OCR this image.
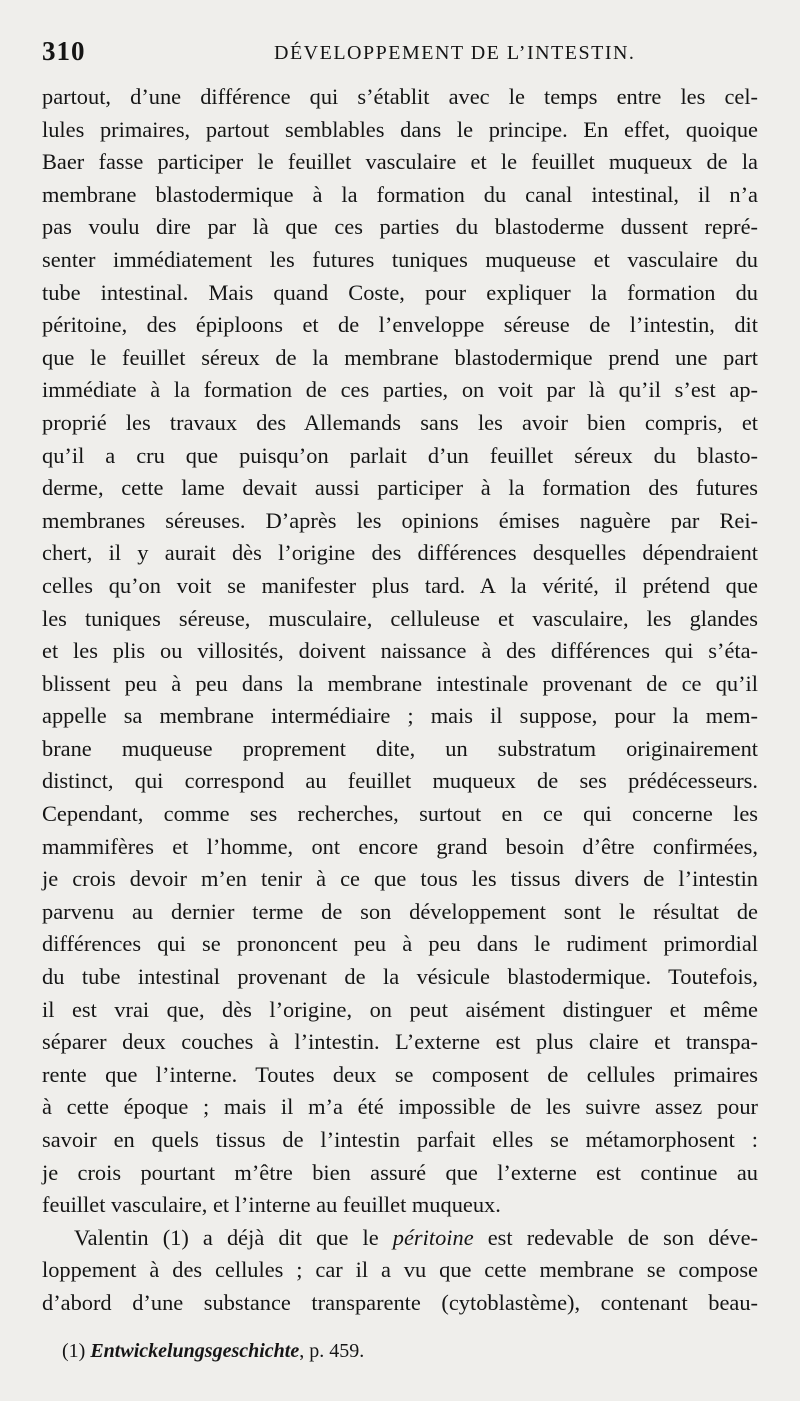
310	DÉVELOPPEMENT DE L’INTESTIN.
partout, d’une différence qui s’établit avec le temps entre les cel-
lules primaires, partout semblables dans le principe. En effet, quoique
Baer fasse participer le feuillet vasculaire et le feuillet muqueux de la
membrane blastodermique à la formation du canal intestinal, il n’a
pas voulu dire par là que ces parties du blastoderme dussent repré-
senter immédiatement les futures tuniques muqueuse et vasculaire du
tube intestinal. Mais quand Coste, pour expliquer la formation du
péritoine, des épiploons et de l’enveloppe séreuse de l’intestin, dit
que le feuillet séreux de la membrane blastodermique prend une part
immédiate à la formation de ces parties, on voit par là qu’il s’est ap-
proprié les travaux des Allemands sans les avoir bien compris, et
qu’il a cru que puisqu’on parlait d’un feuillet séreux du blasto-
derme, cette lame devait aussi participer à la formation des futures
membranes séreuses. D’après les opinions émises naguère par Rei-
chert, il y aurait dès l’origine des différences desquelles dépendraient
celles qu’on voit se manifester plus tard. A la vérité, il prétend que
les tuniques séreuse, musculaire, celluleuse et vasculaire, les glandes
et les plis ou villosités, doivent naissance à des différences qui s’éta-
blissent peu à peu dans la membrane intestinale provenant de ce qu’il
appelle sa membrane intermédiaire ; mais il suppose, pour la mem-
brane muqueuse proprement dite, un substratum originairement
distinct, qui correspond au feuillet muqueux de ses prédécesseurs.
Cependant, comme ses recherches, surtout en ce qui concerne les
mammifères et l’homme, ont encore grand besoin d’être confirmées,
je crois devoir m’en tenir à ce que tous les tissus divers de l’intestin
parvenu au dernier terme de son développement sont le résultat de
différences qui se prononcent peu à peu dans le rudiment primordial
du tube intestinal provenant de la vésicule blastodermique. Toutefois,
il est vrai que, dès l’origine, on peut aisément distinguer et même
séparer deux couches à l’intestin. L’externe est plus claire et transpa-
rente que l’interne. Toutes deux se composent de cellules primaires
à cette époque ; mais il m’a été impossible de les suivre assez pour
savoir en quels tissus de l’intestin parfait elles se métamorphosent :
je crois pourtant m’être bien assuré que l’externe est continue au
feuillet vasculaire, et l’interne au feuillet muqueux.
Valentin (1) a déjà dit que le péritoine est redevable de son déve-
loppement à des cellules ; car il a vu que cette membrane se compose
d’abord d’une substance transparente (cytoblastème), contenant beau-
(1) Entwickelungsgeschichte, p. 459.
